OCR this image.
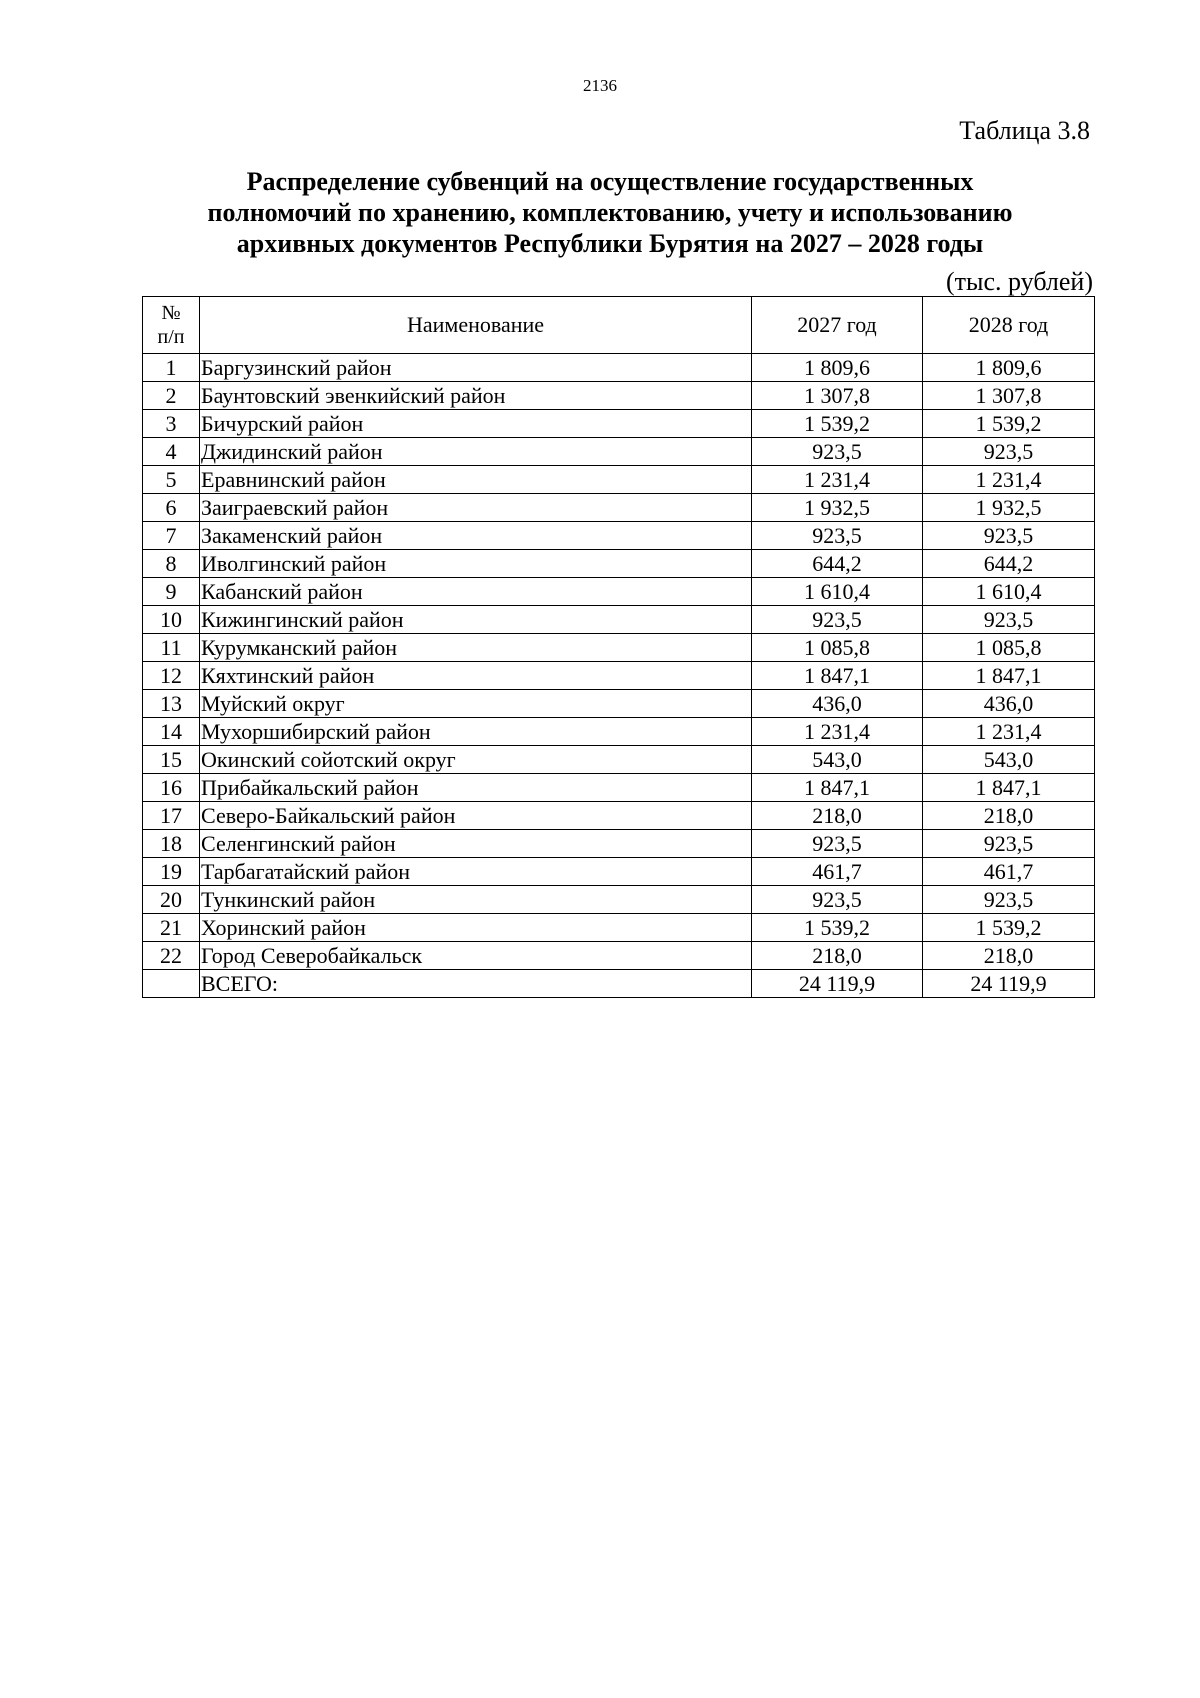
2136
Таблица 3.8
Распределение субвенций на осуществление государственных
полномочий по хранению, комплектованию, учету и использованию
архивных документов Республики Бурятия на 2027 – 2028 годы
(тыс. рублей)
№
п/п	Наименование	2027 год	2028 год
1	Баргузинский район	1 809,6	1 809,6
2	Баунтовский эвенкийский район	1 307,8	1 307,8
3	Бичурский район	1 539,2	1 539,2
4	Джидинский район	923,5	923,5
5	Еравнинский район	1 231,4	1 231,4
6	Заиграевский район	1 932,5	1 932,5
7	Закаменский район	923,5	923,5
8	Иволгинский район	644,2	644,2
9	Кабанский район	1 610,4	1 610,4
10	Кижингинский район	923,5	923,5
11	Курумканский район	1 085,8	1 085,8
12	Кяхтинский район	1 847,1	1 847,1
13	Муйский округ	436,0	436,0
14	Мухоршибирский район	1 231,4	1 231,4
15	Окинский сойотский округ	543,0	543,0
16	Прибайкальский район	1 847,1	1 847,1
17	Северо-Байкальский район	218,0	218,0
18	Селенгинский район	923,5	923,5
19	Тарбагатайский район	461,7	461,7
20	Тункинский район	923,5	923,5
21	Хоринский район	1 539,2	1 539,2
22	Город Северобайкальск	218,0	218,0
	ВСЕГО:	24 119,9	24 119,9
